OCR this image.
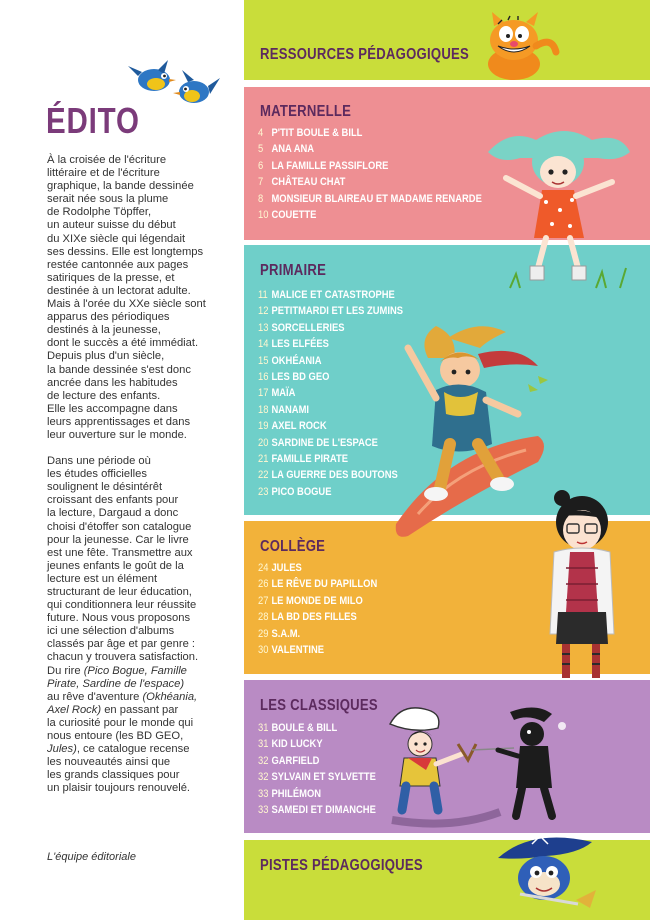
ÉDITO

À la croisée de l'écriture
littéraire et de l'écriture
graphique, la bande dessinée
serait née sous la plume
de Rodolphe Töpffer,
un auteur suisse du début
du XIXe siècle qui légendait
ses dessins. Elle est longtemps
restée cantonnée aux pages
satiriques de la presse, et
destinée à un lectorat adulte.
Mais à l'orée du XXe siècle sont
apparus des périodiques
destinés à la jeunesse,
dont le succès a été immédiat.
Depuis plus d'un siècle,
la bande dessinée s'est donc
ancrée dans les habitudes
de lecture des enfants.
Elle les accompagne dans
leurs apprentissages et dans
leur ouverture sur le monde.

Dans une période où
les études officielles
soulignent le désintérêt
croissant des enfants pour
la lecture, Dargaud a donc
choisi d'étoffer son catalogue
pour la jeunesse. Car le livre
est une fête. Transmettre aux
jeunes enfants le goût de la
lecture est un élément
structurant de leur éducation,
qui conditionnera leur réussite
future. Nous vous proposons
ici une sélection d'albums
classés par âge et par genre :
chacun y trouvera satisfaction.
Du rire (Pico Bogue, Famille
Pirate, Sardine de l'espace)
au rêve d'aventure (Okhéania,
Axel Rock) en passant par
la curiosité pour le monde qui
nous entoure (les BD GEO,
Jules), ce catalogue recense
les nouveautés ainsi que
les grands classiques pour
un plaisir toujours renouvelé.

L'équipe éditoriale
RESSOURCES PÉDAGOGIQUES
MATERNELLE
4 P'TIT BOULE & BILL
5 ANA ANA
6 LA FAMILLE PASSIFLORE
7 CHÂTEAU CHAT
8 MONSIEUR BLAIREAU ET MADAME RENARDE
10 COUETTE
PRIMAIRE
11 MALICE ET CATASTROPHE
12 PETITMARDI ET LES ZUMINS
13 SORCELLERIES
14 LES ELFÉES
15 OKHÉANIA
16 LES BD GEO
17 MAÏA
18 NANAMI
19 AXEL ROCK
20 SARDINE DE L'ESPACE
21 FAMILLE PIRATE
22 LA GUERRE DES BOUTONS
23 PICO BOGUE
COLLÈGE
24 JULES
26 LE RÊVE DU PAPILLON
27 LE MONDE DE MILO
28 LA BD DES FILLES
29 S.A.M.
30 VALENTINE
LES CLASSIQUES
31 BOULE & BILL
31 KID LUCKY
32 GARFIELD
32 SYLVAIN ET SYLVETTE
33 PHILÉMON
33 SAMEDI ET DIMANCHE
PISTES PÉDAGOGIQUES
